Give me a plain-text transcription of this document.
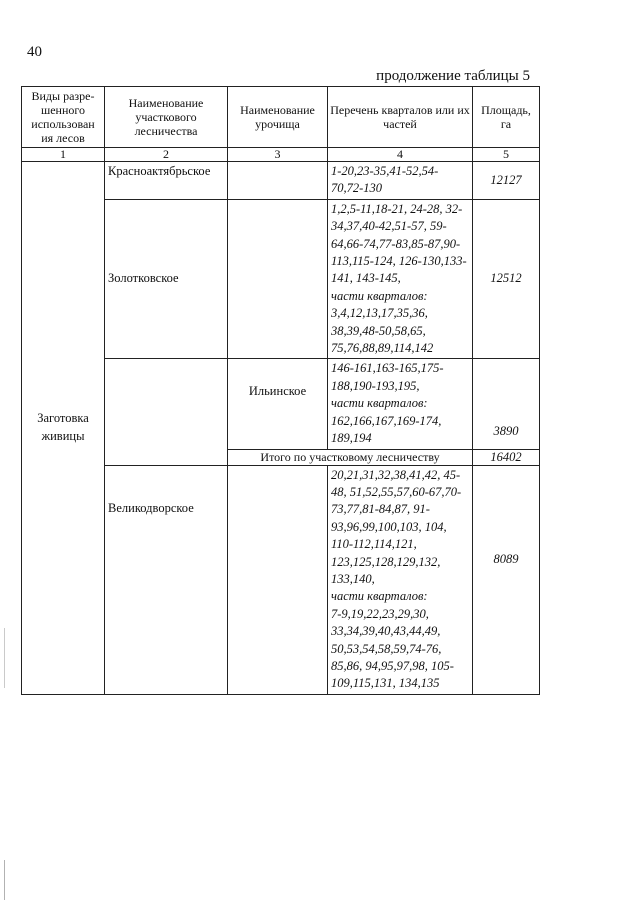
40
продолжение таблицы 5
Виды разре-шенного использован ия лесов	Наименование участкового лесничества	Наименование урочища	Перечень кварталов или их частей	Площадь, га
1	2	3	4	5
Заготовка живицы	Красноактябрьское		1-20,23-35,41-52,54-70,72-130	12127
	Золотковское		1,2,5-11,18-21, 24-28, 32-34,37,40-42,51-57, 59-64,66-74,77-83,85-87,90-113,115-124, 126-130,133-141, 143-145,
части кварталов:
3,4,12,13,17,35,36, 38,39,48-50,58,65, 75,76,88,89,114,142	12512
		Ильинское	146-161,163-165,175-188,190-193,195,
части кварталов:
162,166,167,169-174, 189,194	3890
		Итого по участковому лесничеству		16402
	Великодворское		20,21,31,32,38,41,42, 45-48, 51,52,55,57,60-67,70-73,77,81-84,87, 91-93,96,99,100,103, 104, 110-112,114,121, 123,125,128,129,132, 133,140,
части кварталов:
7-9,19,22,23,29,30, 33,34,39,40,43,44,49, 50,53,54,58,59,74-76, 85,86, 94,95,97,98, 105-109,115,131, 134,135	8089
